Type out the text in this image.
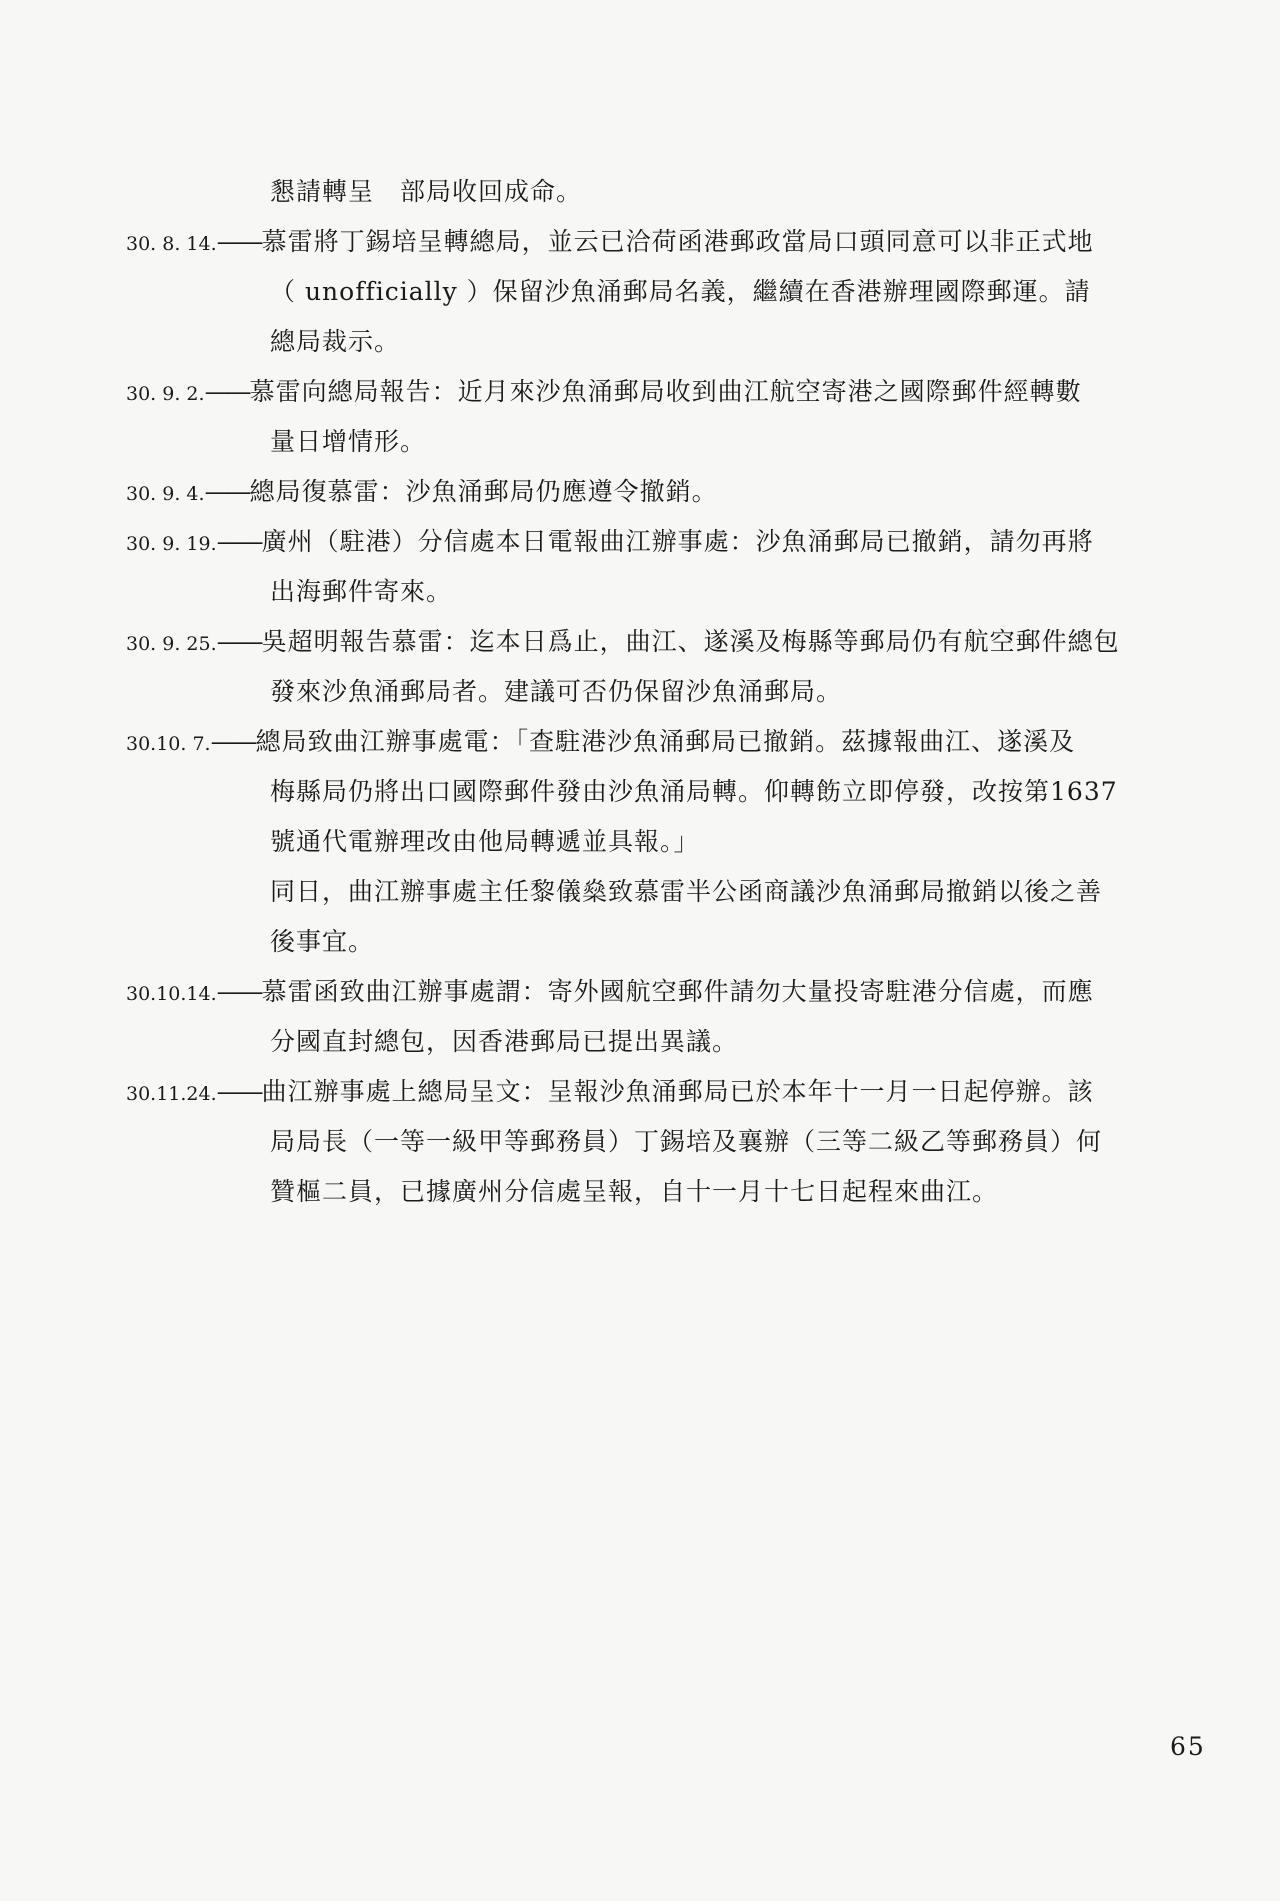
懇請轉呈　部局收回成命。
30. 8. 14.——慕雷將丁錫培呈轉總局，並云已洽荷函港郵政當局口頭同意可以非正式地
（ unofficially ）保留沙魚涌郵局名義，繼續在香港辦理國際郵運。請
總局裁示。
30. 9. 2.——慕雷向總局報告：近月來沙魚涌郵局收到曲江航空寄港之國際郵件經轉數
量日增情形。
30. 9. 4.——總局復慕雷：沙魚涌郵局仍應遵令撤銷。
30. 9. 19.——廣州（駐港）分信處本日電報曲江辦事處：沙魚涌郵局已撤銷，請勿再將
出海郵件寄來。
30. 9. 25.——吳超明報告慕雷：迄本日爲止，曲江、遂溪及梅縣等郵局仍有航空郵件總包
發來沙魚涌郵局者。建議可否仍保留沙魚涌郵局。
30.10. 7.——總局致曲江辦事處電：「查駐港沙魚涌郵局已撤銷。茲據報曲江、遂溪及
梅縣局仍將出口國際郵件發由沙魚涌局轉。仰轉飭立即停發，改按第1637
號通代電辦理改由他局轉遞並具報。」
同日，曲江辦事處主任黎儀燊致慕雷半公函商議沙魚涌郵局撤銷以後之善
後事宜。
30.10.14.——慕雷函致曲江辦事處謂：寄外國航空郵件請勿大量投寄駐港分信處，而應
分國直封總包，因香港郵局已提出異議。
30.11.24.——曲江辦事處上總局呈文：呈報沙魚涌郵局已於本年十一月一日起停辦。該
局局長（一等一級甲等郵務員）丁錫培及襄辦（三等二級乙等郵務員）何
贊樞二員，已據廣州分信處呈報，自十一月十七日起程來曲江。
65
